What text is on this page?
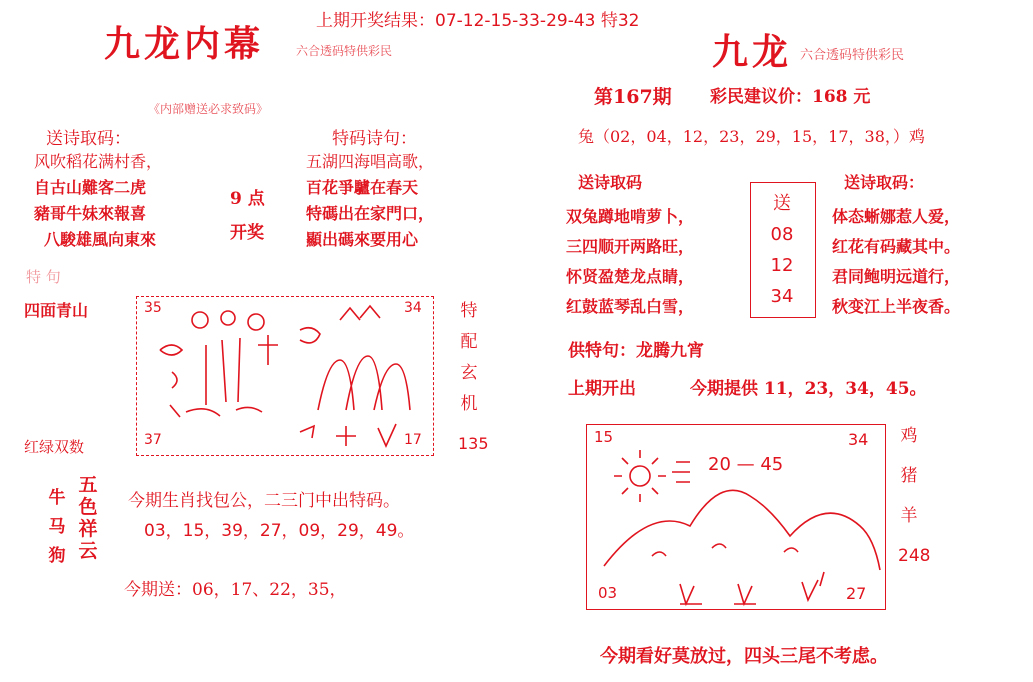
上期开奖结果：07-12-15-33-29-43 特32
九龙内幕	六合透码特供彩民
《内部赠送必求致码》
送诗取码：
风吹稻花满村香，
自古山難客二虎
豬哥牛妹來報喜
八駿雄風向東來
9 点
开奖
特码诗句：
五湖四海唱高歌，
百花爭驢在春天
特碼出在家門口，
顯出碼來要用心
特 句
四面青山	35	34
37	17
特
配
玄
机
红绿双数	135
牛
马
狗
五
色
祥
云
今期生肖找包公，二三门中出特码。
03，15，39，27，09，29，49。
今期送：06，17、22，35，
九龙 六合透码特供彩民
第167期 彩民建议价：168 元
兔（02，04，12，23，29，15，17，38，）鸡
送诗取码
双兔蹲地啃萝卜，
三四顺开两路旺，
怀贤盈楚龙点睛，
红鼓蓝琴乱白雪，
送
08
12
34
送诗取码：
体态蜥娜惹人爱，
红花有码藏其中。
君同鲍明远道行，
秋变江上半夜香。
供特句：龙腾九宵
上期开出	今期提供 11，23，34，45。
15	34
20 — 45
03	27
鸡
猪
羊
248
今期看好莫放过，四头三尾不考虑。
